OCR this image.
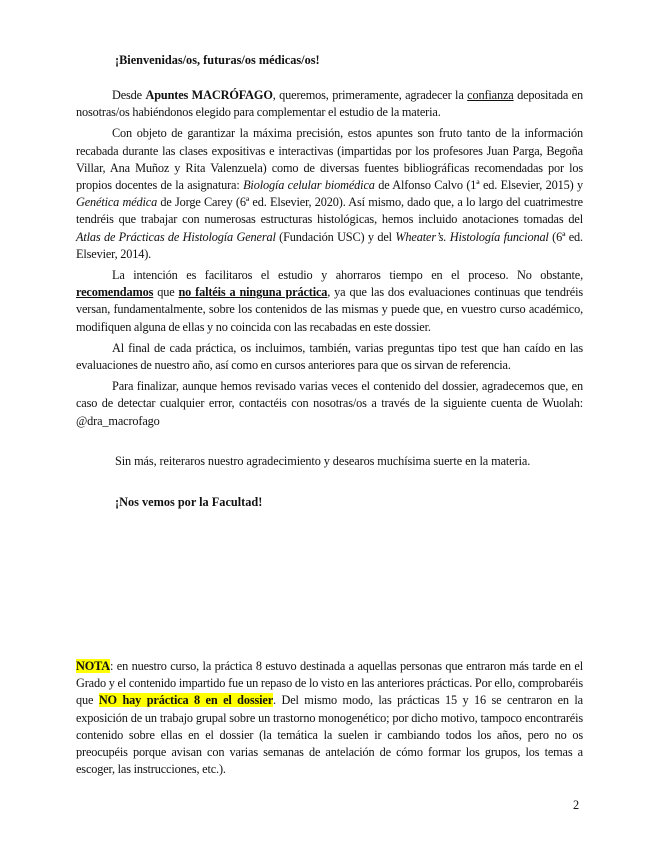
¡Bienvenidas/os, futuras/os médicas/os!

Desde Apuntes MACRÓFAGO, queremos, primeramente, agradecer la confianza depositada en nosotras/os habiéndonos elegido para complementar el estudio de la materia.

Con objeto de garantizar la máxima precisión, estos apuntes son fruto tanto de la información recabada durante las clases expositivas e interactivas (impartidas por los profesores Juan Parga, Begoña Villar, Ana Muñoz y Rita Valenzuela) como de diversas fuentes bibliográficas recomendadas por los propios docentes de la asignatura: Biología celular biomédica de Alfonso Calvo (1ª ed. Elsevier, 2015) y Genética médica de Jorge Carey (6ª ed. Elsevier, 2020). Así mismo, dado que, a lo largo del cuatrimestre tendréis que trabajar con numerosas estructuras histológicas, hemos incluido anotaciones tomadas del Atlas de Prácticas de Histología General (Fundación USC) y del Wheater’s. Histología funcional (6ª ed. Elsevier, 2014).

La intención es facilitaros el estudio y ahorraros tiempo en el proceso. No obstante, recomendamos que no faltéis a ninguna práctica, ya que las dos evaluaciones continuas que tendréis versan, fundamentalmente, sobre los contenidos de las mismas y puede que, en vuestro curso académico, modifiquen alguna de ellas y no coincida con las recabadas en este dossier.

Al final de cada práctica, os incluimos, también, varias preguntas tipo test que han caído en las evaluaciones de nuestro año, así como en cursos anteriores para que os sirvan de referencia.

Para finalizar, aunque hemos revisado varias veces el contenido del dossier, agradecemos que, en caso de detectar cualquier error, contactéis con nosotras/os a través de la siguiente cuenta de Wuolah: @dra_macrofago

Sin más, reiteraros nuestro agradecimiento y desearos muchísima suerte en la materia.
¡Nos vemos por la Facultad!

NOTA: en nuestro curso, la práctica 8 estuvo destinada a aquellas personas que entraron más tarde en el Grado y el contenido impartido fue un repaso de lo visto en las anteriores prácticas. Por ello, comprobaréis que NO hay práctica 8 en el dossier. Del mismo modo, las prácticas 15 y 16 se centraron en la exposición de un trabajo grupal sobre un trastorno monogenético; por dicho motivo, tampoco encontraréis contenido sobre ellas en el dossier (la temática la suelen ir cambiando todos los años, pero no os preocupéis porque avisan con varias semanas de antelación de cómo formar los grupos, los temas a escoger, las instrucciones, etc.).

2
